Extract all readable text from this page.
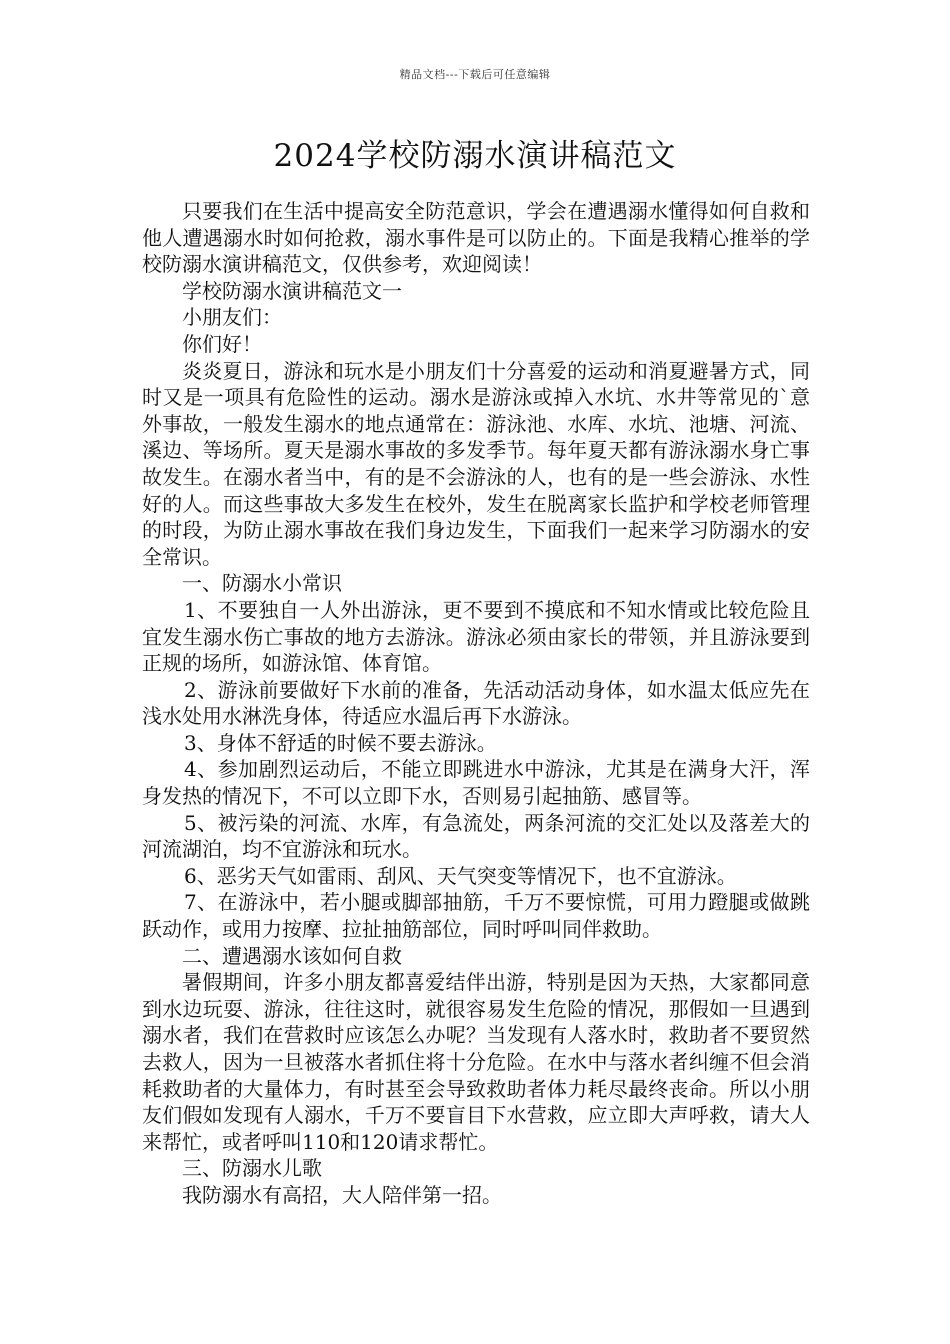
精品文档---下载后可任意编辑
2024学校防溺水演讲稿范文

只要我们在生活中提高安全防范意识，学会在遭遇溺水懂得如何自救和他人遭遇溺水时如何抢救，溺水事件是可以防止的。下面是我精心推举的学校防溺水演讲稿范文，仅供参考，欢迎阅读！

学校防溺水演讲稿范文一

小朋友们：

你们好！

炎炎夏日，游泳和玩水是小朋友们十分喜爱的运动和消夏避暑方式，同时又是一项具有危险性的运动。溺水是游泳或掉入水坑、水井等常见的`意外事故，一般发生溺水的地点通常在：游泳池、水库、水坑、池塘、河流、溪边、等场所。夏天是溺水事故的多发季节。每年夏天都有游泳溺水身亡事故发生。在溺水者当中，有的是不会游泳的人，也有的是一些会游泳、水性好的人。而这些事故大多发生在校外，发生在脱离家长监护和学校老师管理的时段，为防止溺水事故在我们身边发生，下面我们一起来学习防溺水的安全常识。

一、防溺水小常识

1、不要独自一人外出游泳，更不要到不摸底和不知水情或比较危险且宜发生溺水伤亡事故的地方去游泳。游泳必须由家长的带领，并且游泳要到正规的场所，如游泳馆、体育馆。

2、游泳前要做好下水前的准备，先活动活动身体，如水温太低应先在浅水处用水淋洗身体，待适应水温后再下水游泳。

3、身体不舒适的时候不要去游泳。

4、参加剧烈运动后，不能立即跳进水中游泳，尤其是在满身大汗，浑身发热的情况下，不可以立即下水，否则易引起抽筋、感冒等。

5、被污染的河流、水库，有急流处，两条河流的交汇处以及落差大的河流湖泊，均不宜游泳和玩水。

6、恶劣天气如雷雨、刮风、天气突变等情况下，也不宜游泳。

7、在游泳中，若小腿或脚部抽筋，千万不要惊慌，可用力蹬腿或做跳跃动作，或用力按摩、拉扯抽筋部位，同时呼叫同伴救助。

二、遭遇溺水该如何自救

暑假期间，许多小朋友都喜爱结伴出游，特别是因为天热，大家都同意到水边玩耍、游泳，往往这时，就很容易发生危险的情况，那假如一旦遇到溺水者，我们在营救时应该怎么办呢？当发现有人落水时，救助者不要贸然去救人，因为一旦被落水者抓住将十分危险。在水中与落水者纠缠不但会消耗救助者的大量体力，有时甚至会导致救助者体力耗尽最终丧命。所以小朋友们假如发现有人溺水，千万不要盲目下水营救，应立即大声呼救，请大人来帮忙，或者呼叫110和120请求帮忙。

三、防溺水儿歌

我防溺水有高招，大人陪伴第一招。
